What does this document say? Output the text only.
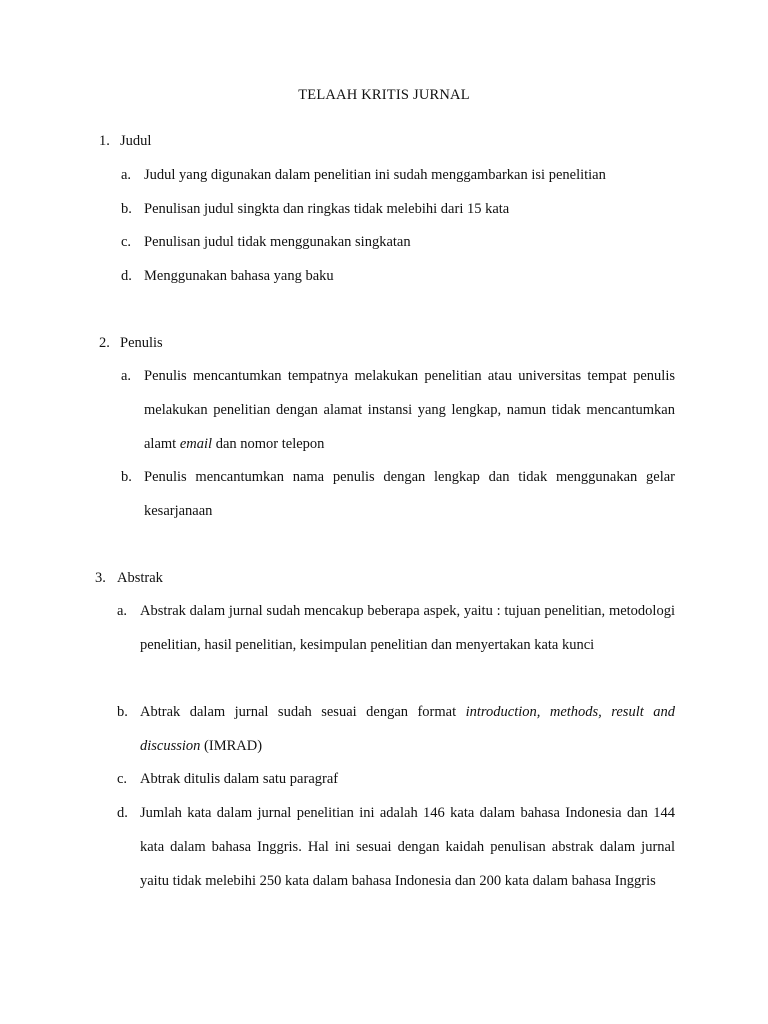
TELAAH KRITIS JURNAL
1. Judul
a. Judul yang digunakan dalam penelitian ini sudah menggambarkan isi penelitian
b. Penulisan judul singkta dan ringkas tidak melebihi dari 15 kata
c. Penulisan judul tidak menggunakan singkatan
d. Menggunakan bahasa yang baku
2. Penulis
a. Penulis mencantumkan tempatnya melakukan penelitian atau universitas tempat penulis melakukan penelitian dengan alamat instansi yang lengkap, namun tidak mencantumkan alamt email dan nomor telepon
b. Penulis mencantumkan nama penulis dengan lengkap dan tidak menggunakan gelar kesarjanaan
3. Abstrak
a. Abstrak dalam jurnal sudah mencakup beberapa aspek, yaitu : tujuan penelitian, metodologi penelitian, hasil penelitian, kesimpulan penelitian dan menyertakan kata kunci
b. Abtrak dalam jurnal sudah sesuai dengan format introduction, methods, result and discussion (IMRAD)
c. Abtrak ditulis dalam satu paragraf
d. Jumlah kata dalam jurnal penelitian ini adalah 146 kata dalam bahasa Indonesia dan 144 kata dalam bahasa Inggris. Hal ini sesuai dengan kaidah penulisan abstrak dalam jurnal yaitu tidak melebihi 250 kata dalam bahasa Indonesia dan 200 kata dalam bahasa Inggris
